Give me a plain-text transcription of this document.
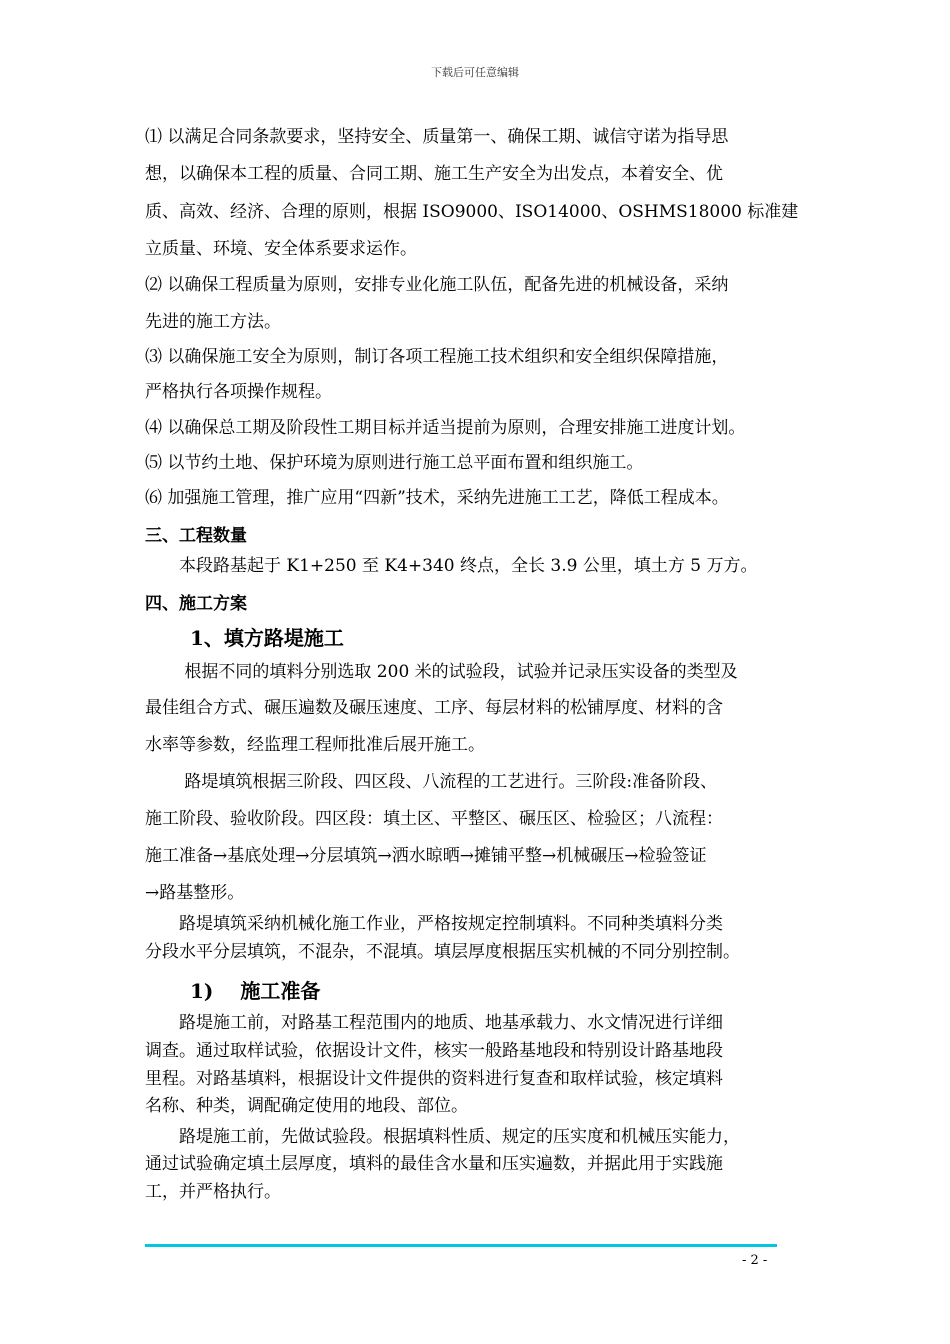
下载后可任意编辑
⑴ 以满足合同条款要求，坚持安全、质量第一、确保工期、诚信守诺为指导思
想，以确保本工程的质量、合同工期、施工生产安全为出发点，本着安全、优
质、高效、经济、合理的原则，根据 ISO9000、ISO14000、OSHMS18000 标准建
立质量、环境、安全体系要求运作。
⑵ 以确保工程质量为原则，安排专业化施工队伍，配备先进的机械设备，采纳
先进的施工方法。
⑶ 以确保施工安全为原则，制订各项工程施工技术组织和安全组织保障措施，
严格执行各项操作规程。
⑷ 以确保总工期及阶段性工期目标并适当提前为原则，合理安排施工进度计划。
⑸ 以节约土地、保护环境为原则进行施工总平面布置和组织施工。
⑹ 加强施工管理，推广应用“四新”技术，采纳先进施工工艺，降低工程成本。
三、工程数量
　　本段路基起于 K1+250 至 K4+340 终点，全长 3.9 公里，填土方 5 万方。
四、施工方案
1、填方路堤施工
　　 根据不同的填料分别选取 200 米的试验段，试验并记录压实设备的类型及
最佳组合方式、碾压遍数及碾压速度、工序、每层材料的松铺厚度、材料的含
水率等参数，经监理工程师批准后展开施工。
　　 路堤填筑根据三阶段、四区段、八流程的工艺进行。三阶段:准备阶段、
施工阶段、验收阶段。四区段：填土区、平整区、碾压区、检验区；八流程：
施工准备→基底处理→分层填筑→洒水晾晒→摊铺平整→机械碾压→检验签证
→路基整形。
　　路堤填筑采纳机械化施工作业，严格按规定控制填料。不同种类填料分类
分段水平分层填筑，不混杂，不混填。填层厚度根据压实机械的不同分别控制。
1)　 施工准备
　　路堤施工前，对路基工程范围内的地质、地基承载力、水文情况进行详细
调查。通过取样试验，依据设计文件，核实一般路基地段和特别设计路基地段
里程。对路基填料，根据设计文件提供的资料进行复查和取样试验，核定填料
名称、种类，调配确定使用的地段、部位。
　　路堤施工前，先做试验段。根据填料性质、规定的压实度和机械压实能力，
通过试验确定填土层厚度，填料的最佳含水量和压实遍数，并据此用于实践施
工，并严格执行。
- 2 -
